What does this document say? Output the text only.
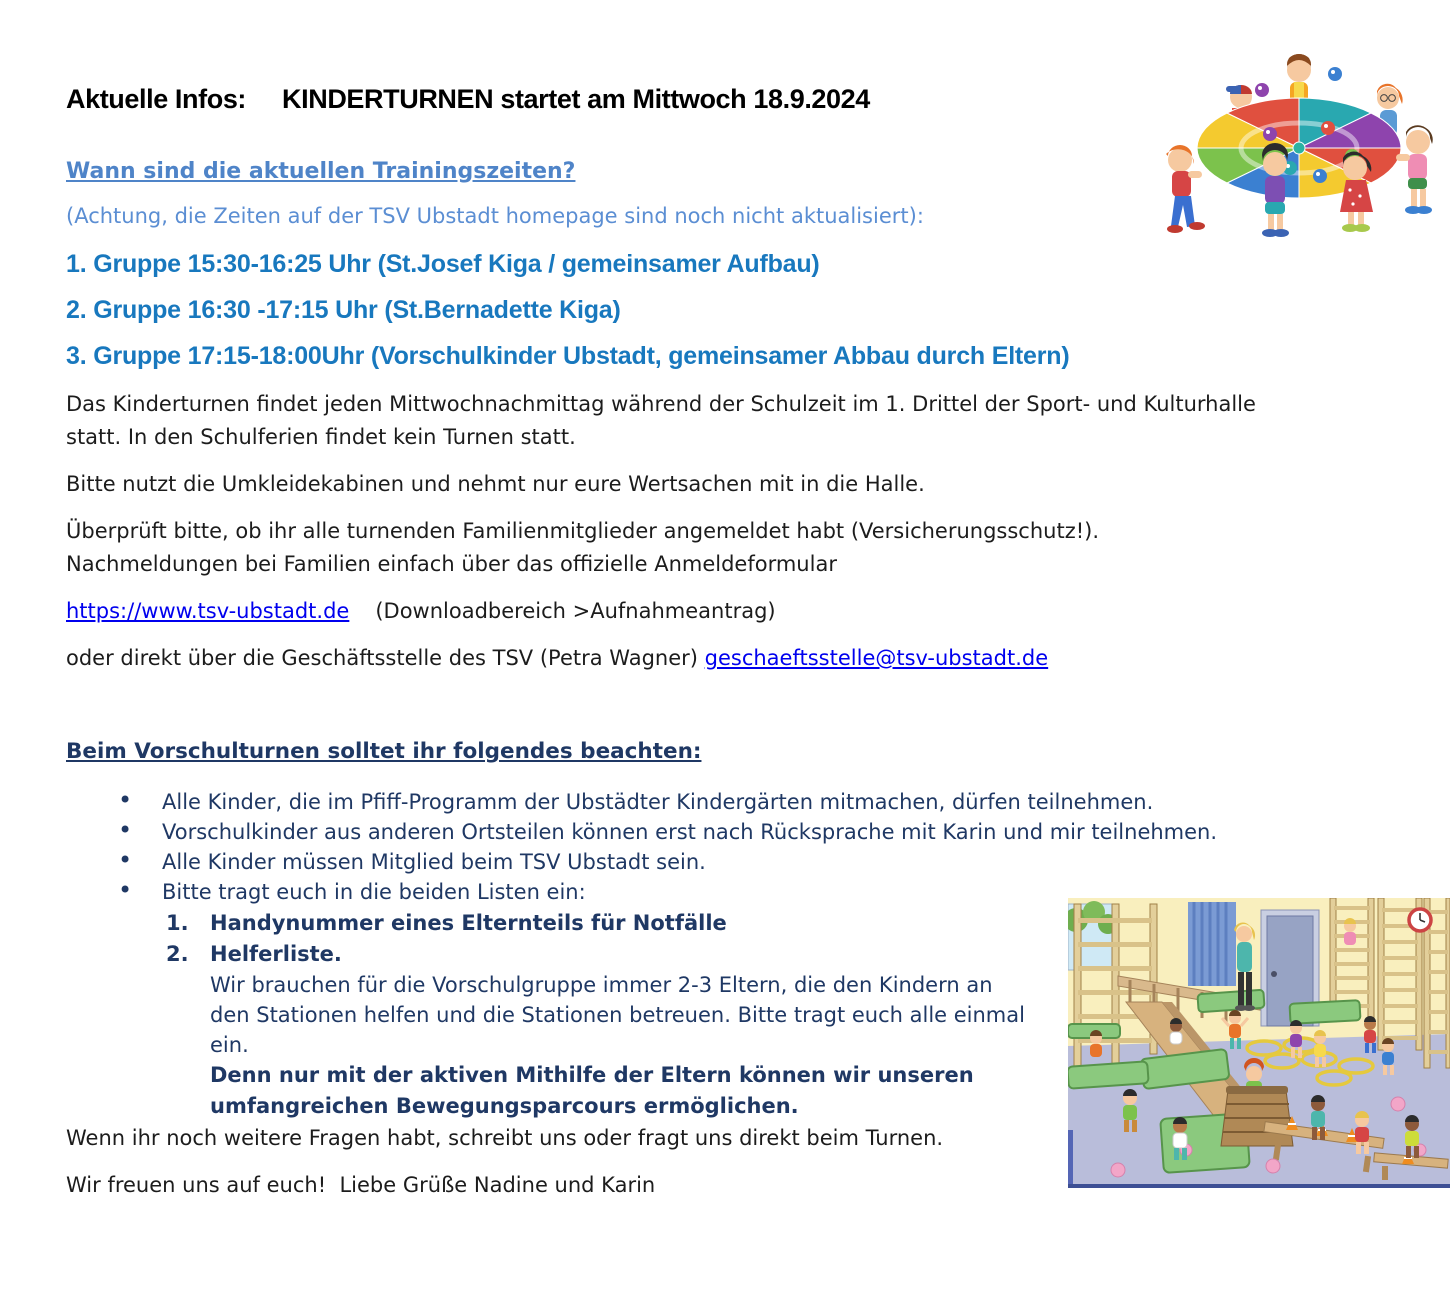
Aktuelle Infos: KINDERTURNEN startet am Mittwoch 18.9.2024
Wann sind die aktuellen Trainingszeiten?

(Achtung, die Zeiten auf der TSV Ubstadt homepage sind noch nicht aktualisiert):

1. Gruppe 15:30-16:25 Uhr (St.Josef Kiga / gemeinsamer Aufbau)
2. Gruppe 16:30 -17:15 Uhr (St.Bernadette Kiga)
3. Gruppe 17:15-18:00Uhr (Vorschulkinder Ubstadt, gemeinsamer Abbau durch Eltern)

Das Kinderturnen findet jeden Mittwochnachmittag während der Schulzeit im 1. Drittel der Sport- und Kulturhalle statt. In den Schulferien findet kein Turnen statt.

Bitte nutzt die Umkleidekabinen und nehmt nur eure Wertsachen mit in die Halle.

Überprüft bitte, ob ihr alle turnenden Familienmitglieder angemeldet habt (Versicherungsschutz!). Nachmeldungen bei Familien einfach über das offizielle Anmeldeformular

https://www.tsv-ubstadt.de (Downloadbereich >Aufnahmeantrag)

oder direkt über die Geschäftsstelle des TSV (Petra Wagner) geschaeftsstelle@tsv-ubstadt.de

Beim Vorschulturnen solltet ihr folgendes beachten:
• Alle Kinder, die im Pfiff-Programm der Ubstädter Kindergärten mitmachen, dürfen teilnehmen.
• Vorschulkinder aus anderen Ortsteilen können erst nach Rücksprache mit Karin und mir teilnehmen.
• Alle Kinder müssen Mitglied beim TSV Ubstadt sein.
• Bitte tragt euch in die beiden Listen ein:
1. Handynummer eines Elternteils für Notfälle
2. Helferliste.
Wir brauchen für die Vorschulgruppe immer 2-3 Eltern, die den Kindern an den Stationen helfen und die Stationen betreuen. Bitte tragt euch alle einmal ein.
Denn nur mit der aktiven Mithilfe der Eltern können wir unseren umfangreichen Bewegungsparcours ermöglichen.

Wenn ihr noch weitere Fragen habt, schreibt uns oder fragt uns direkt beim Turnen.

Wir freuen uns auf euch!  Liebe Grüße Nadine und Karin
